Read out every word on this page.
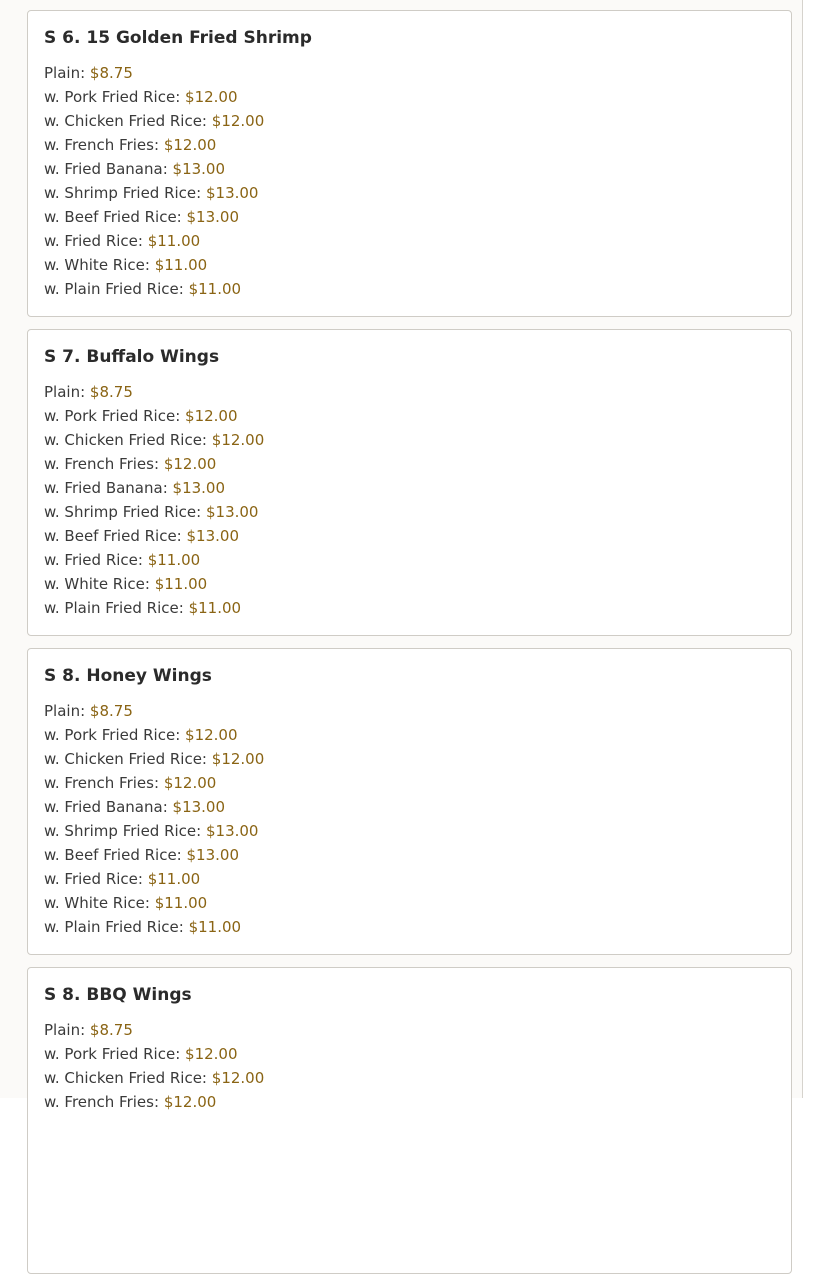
S 6. 15 Golden Fried Shrimp
Plain: $8.75
w. Pork Fried Rice: $12.00
w. Chicken Fried Rice: $12.00
w. French Fries: $12.00
w. Fried Banana: $13.00
w. Shrimp Fried Rice: $13.00
w. Beef Fried Rice: $13.00
w. Fried Rice: $11.00
w. White Rice: $11.00
w. Plain Fried Rice: $11.00
S 7. Buffalo Wings
Plain: $8.75
w. Pork Fried Rice: $12.00
w. Chicken Fried Rice: $12.00
w. French Fries: $12.00
w. Fried Banana: $13.00
w. Shrimp Fried Rice: $13.00
w. Beef Fried Rice: $13.00
w. Fried Rice: $11.00
w. White Rice: $11.00
w. Plain Fried Rice: $11.00
S 8. Honey Wings
Plain: $8.75
w. Pork Fried Rice: $12.00
w. Chicken Fried Rice: $12.00
w. French Fries: $12.00
w. Fried Banana: $13.00
w. Shrimp Fried Rice: $13.00
w. Beef Fried Rice: $13.00
w. Fried Rice: $11.00
w. White Rice: $11.00
w. Plain Fried Rice: $11.00
S 8. BBQ Wings
Plain: $8.75
w. Pork Fried Rice: $12.00
w. Chicken Fried Rice: $12.00
w. French Fries: $12.00
